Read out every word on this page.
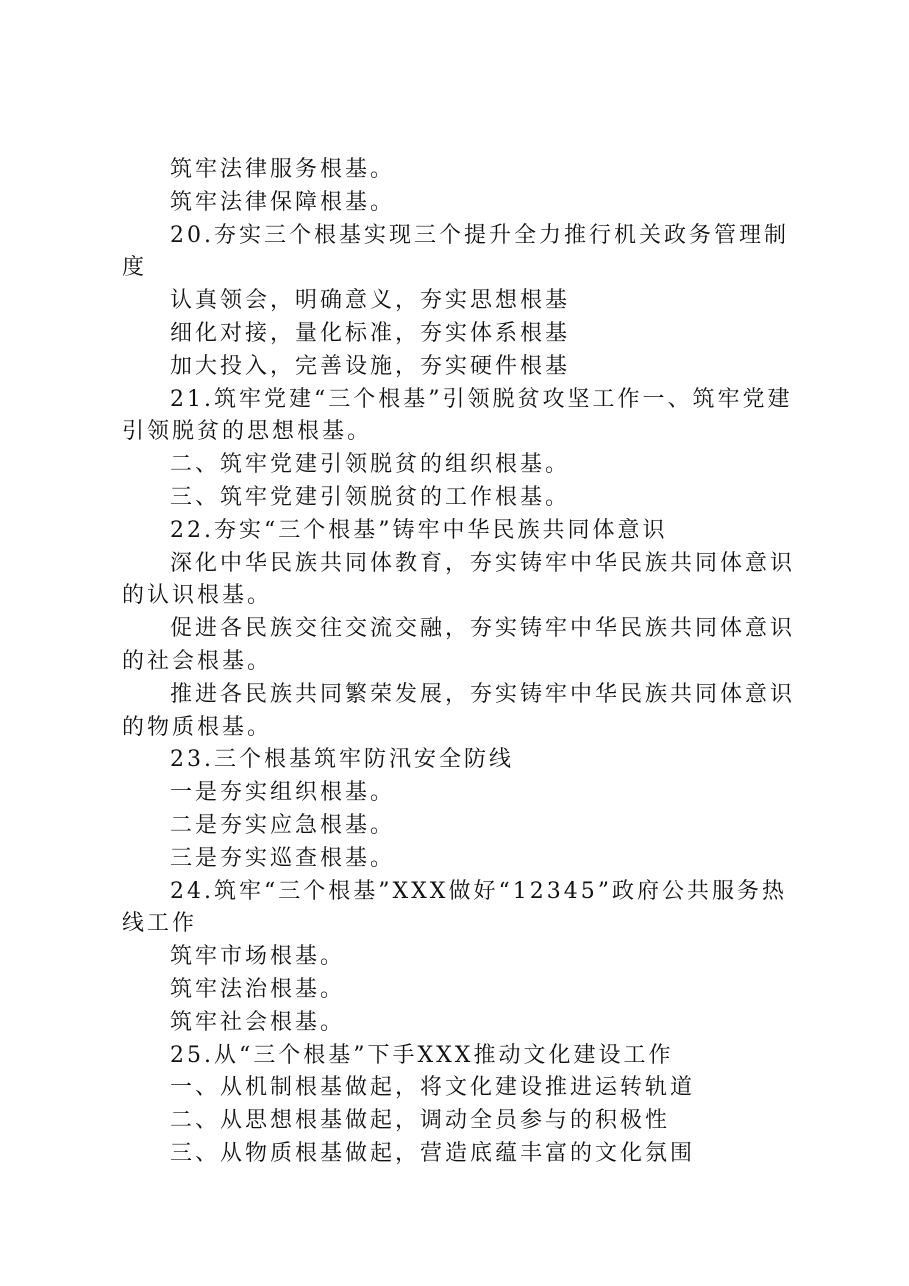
筑牢法律服务根基。

筑牢法律保障根基。

20.夯实三个根基实现三个提升全力推行机关政务管理制度

认真领会，明确意义，夯实思想根基

细化对接，量化标准，夯实体系根基

加大投入，完善设施，夯实硬件根基

21.筑牢党建“三个根基”引领脱贫攻坚工作一、筑牢党建引领脱贫的思想根基。

二、筑牢党建引领脱贫的组织根基。

三、筑牢党建引领脱贫的工作根基。

22.夯实“三个根基”铸牢中华民族共同体意识

深化中华民族共同体教育，夯实铸牢中华民族共同体意识的认识根基。

促进各民族交往交流交融，夯实铸牢中华民族共同体意识的社会根基。

推进各民族共同繁荣发展，夯实铸牢中华民族共同体意识的物质根基。

23.三个根基筑牢防汛安全防线

一是夯实组织根基。

二是夯实应急根基。

三是夯实巡查根基。

24.筑牢“三个根基”XXX做好“12345”政府公共服务热线工作

筑牢市场根基。

筑牢法治根基。

筑牢社会根基。

25.从“三个根基”下手XXX推动文化建设工作

一、从机制根基做起，将文化建设推进运转轨道

二、从思想根基做起，调动全员参与的积极性

三、从物质根基做起，营造底蕴丰富的文化氛围
